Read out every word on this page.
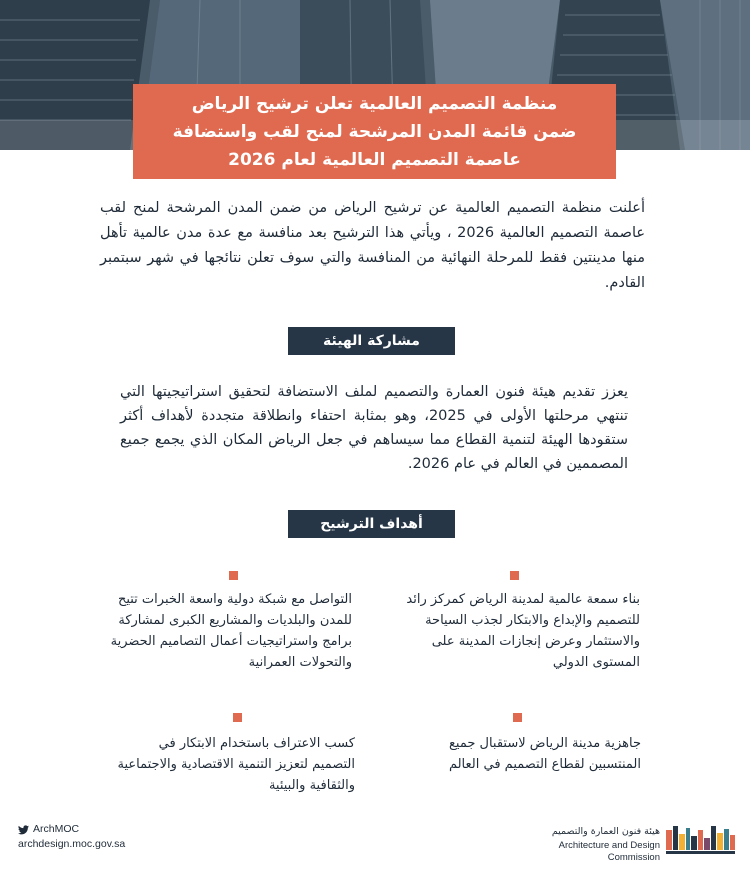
منظمة التصميم العالمية تعلن ترشيح الرياض
ضمن قائمة المدن المرشحة لمنح لقب واستضافة
عاصمة التصميم العالمية لعام 2026
أعلنت منظمة التصميم العالمية عن ترشيح الرياض من ضمن المدن المرشحة لمنح لقب عاصمة التصميم العالمية 2026 ، ويأتي هذا الترشيح بعد منافسة مع عدة مدن عالمية تأهل منها مدينتين فقط للمرحلة النهائية من المنافسة والتي سوف تعلن نتائجها في شهر سبتمبر القادم.
مشاركة الهيئة
يعزز تقديم هيئة فنون العمارة والتصميم لملف الاستضافة لتحقيق استراتيجيتها التي تنتهي مرحلتها الأولى في 2025، وهو بمثابة احتفاء وانطلاقة متجددة لأهداف أكثر ستقودها الهيئة لتنمية القطاع مما سيساهم في جعل الرياض المكان الذي يجمع جميع المصممين في العالم في عام 2026.
أهداف الترشيح
بناء سمعة عالمية لمدينة الرياض كمركز رائد للتصميم والإبداع والابتكار لجذب السياحة والاستثمار وعرض إنجازات المدينة على المستوى الدولي
التواصل مع شبكة دولية واسعة الخبرات تتيح للمدن والبلديات والمشاريع الكبرى لمشاركة برامج واستراتيجيات أعمال التصاميم الحضرية والتحولات العمرانية
جاهزية مدينة الرياض لاستقبال جميع المنتسبين لقطاع التصميم في العالم
كسب الاعتراف باستخدام الابتكار في التصميم لتعزيز التنمية الاقتصادية والاجتماعية والثقافية والبيئية
ArchMOC
archdesign.moc.gov.sa
هيئة فنون العمارة والتصميم
Architecture and Design Commission
